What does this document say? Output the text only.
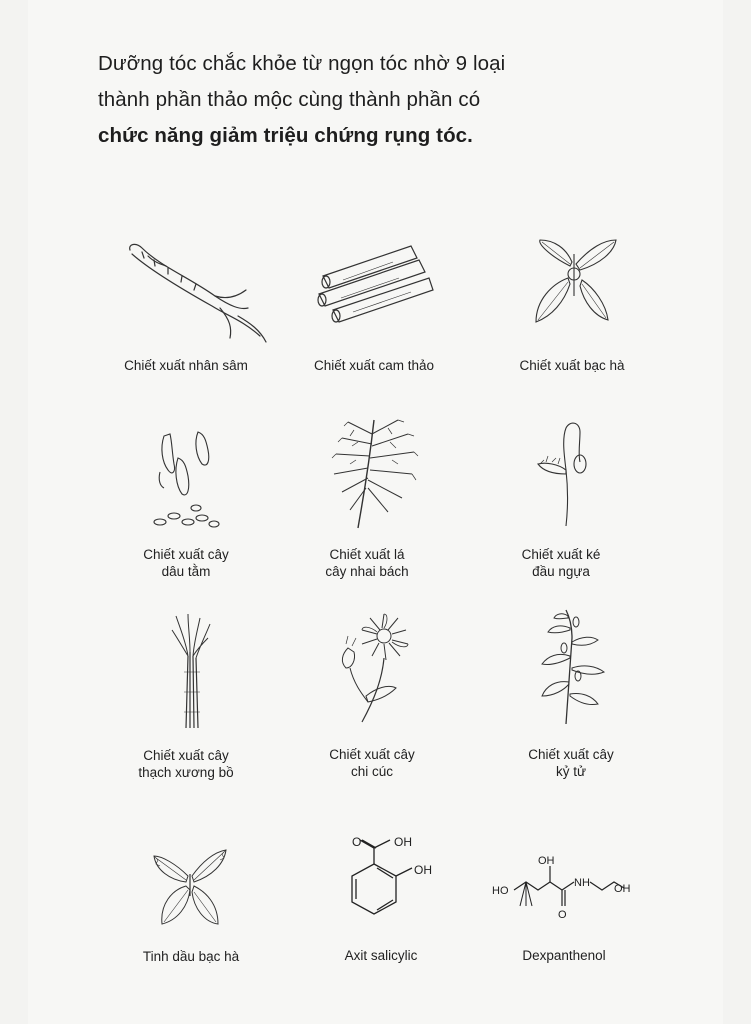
Dưỡng tóc chắc khỏe từ ngọn tóc nhờ 9 loại
thành phần thảo mộc cùng thành phần có
chức năng giảm triệu chứng rụng tóc.
Chiết xuất nhân sâm	Chiết xuất cam thảo	Chiết xuất bạc hà
Chiết xuất cây
dâu tằm
Chiết xuất lá
cây nhai bách
Chiết xuất ké
đầu ngựa
Chiết xuất cây
thạch xương bồ
Chiết xuất cây
chi cúc
Chiết xuất cây
kỷ tử
Tinh dầu bạc hà
O	OH
OH
Axit salicylic
OH
HO
NH OH
O
Dexpanthenol
